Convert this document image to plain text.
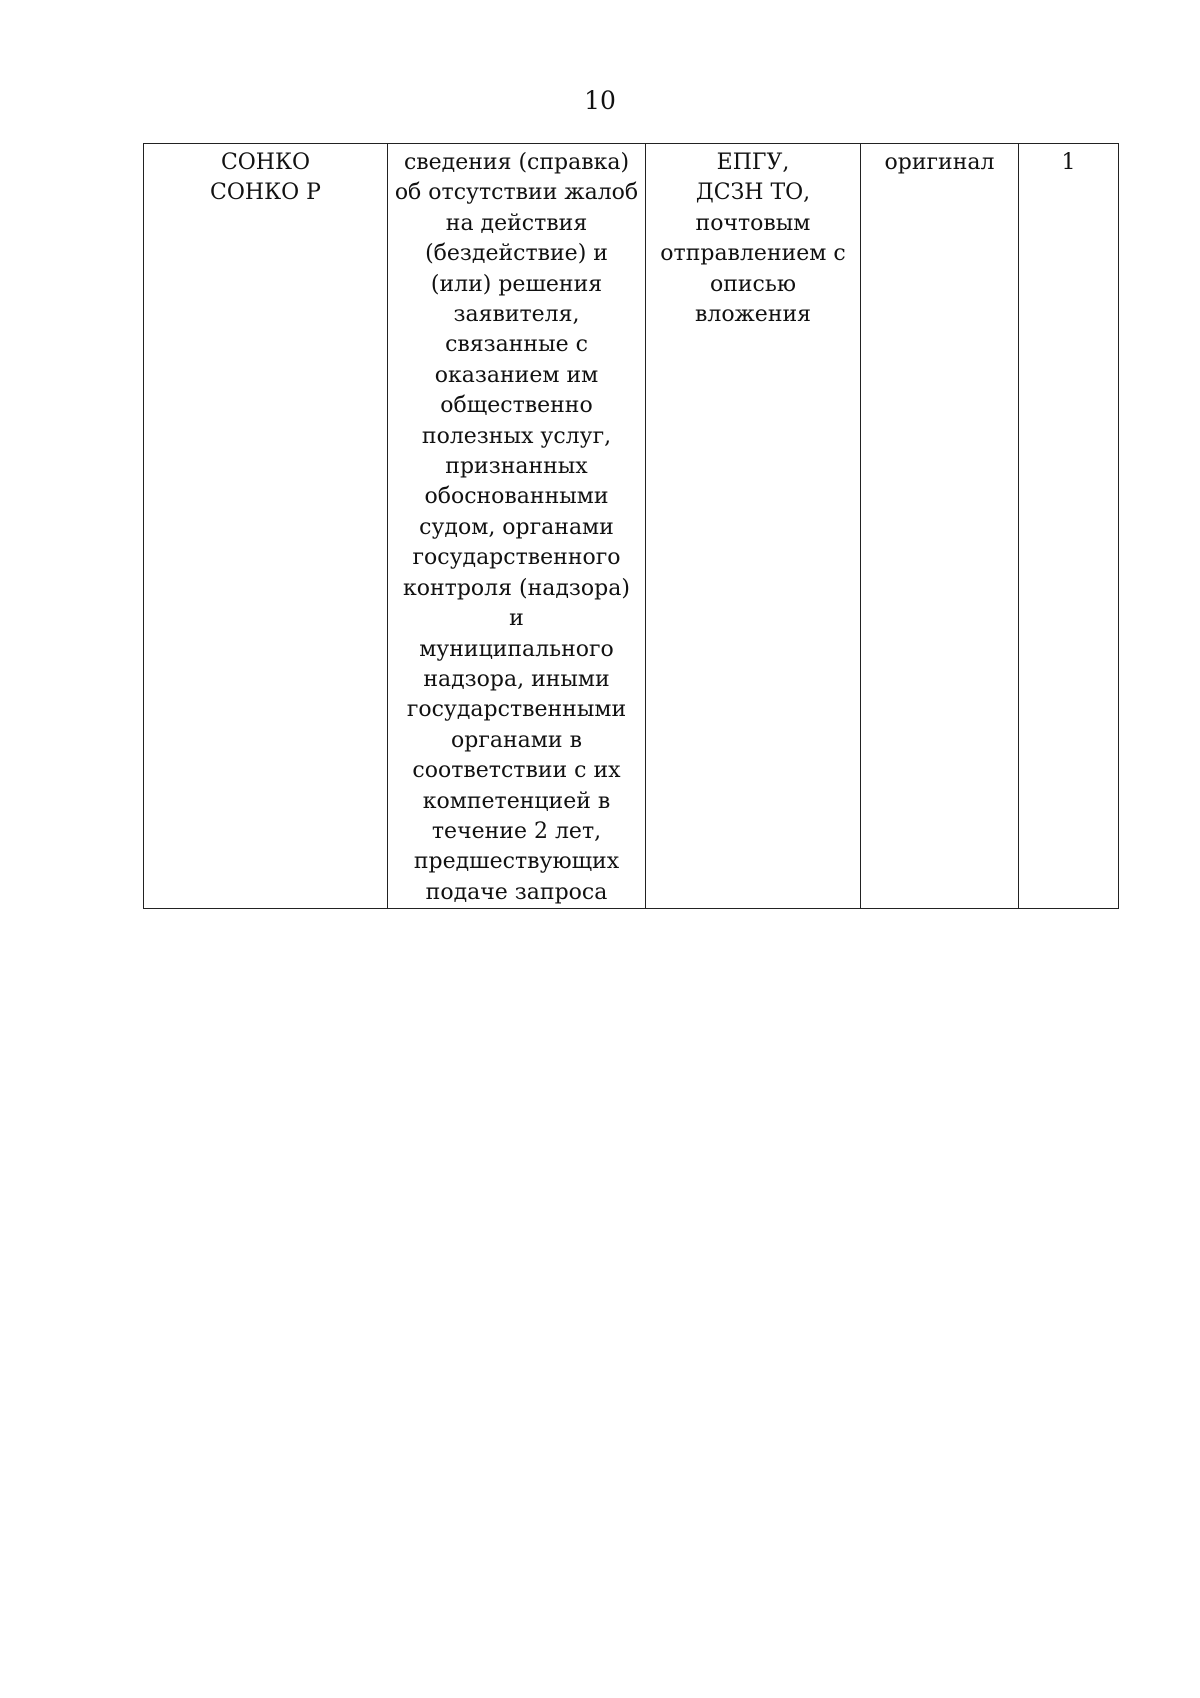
10
СОНКО
СОНКО Р	сведения (справка)
об отсутствии жалоб
на действия
(бездействие) и
(или) решения
заявителя,
связанные с
оказанием им
общественно
полезных услуг,
признанных
обоснованными
судом, органами
государственного
контроля (надзора) и
муниципального
надзора, иными
государственными
органами в
соответствии с их
компетенцией в
течение 2 лет,
предшествующих
подаче запроса	ЕПГУ,
ДСЗН ТО,
почтовым
отправлением с
описью
вложения	оригинал	1
